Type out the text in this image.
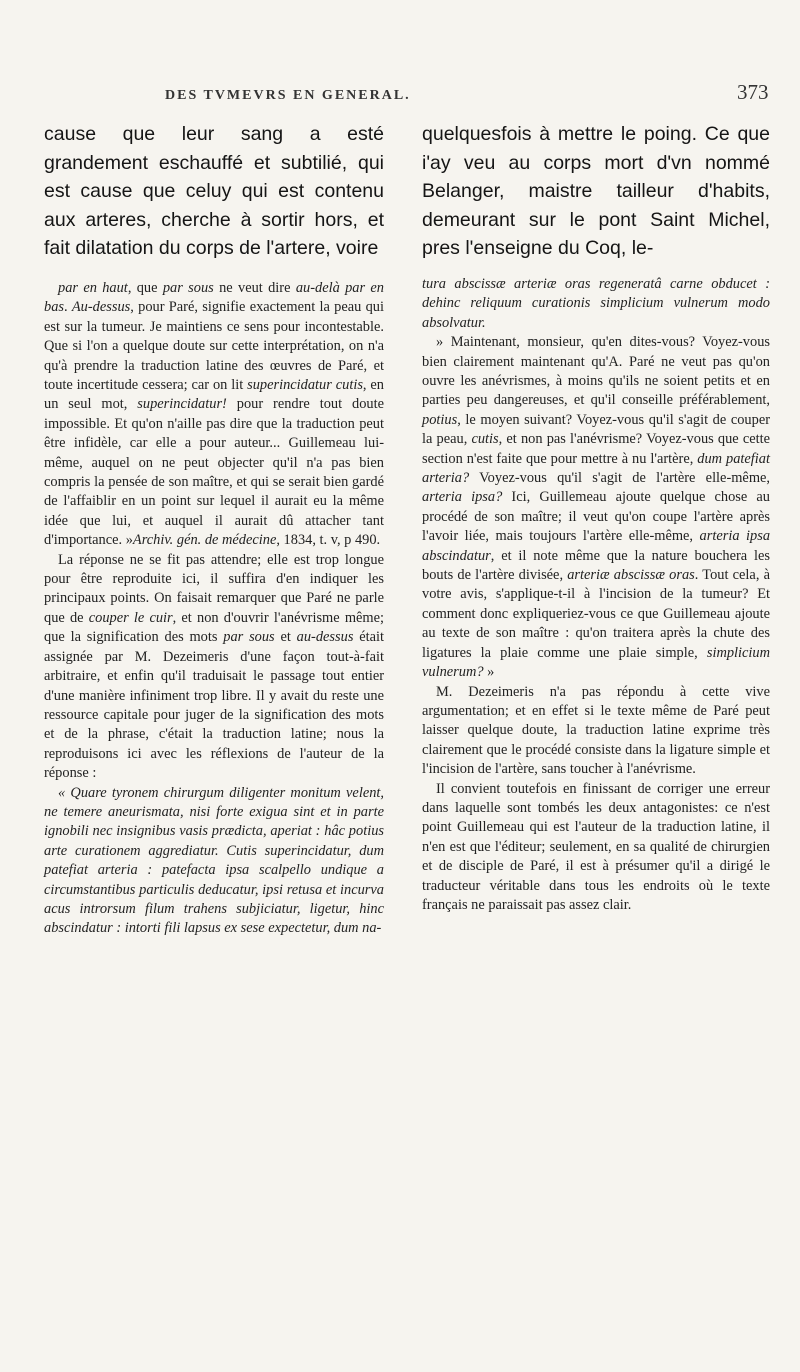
DES TVMEVRS EN GENERAL.	373

cause que leur sang a esté grandement eschauffé et subtilié, qui est cause que celuy qui est contenu aux arteres, cherche à sortir hors, et fait dilatation du corps de l'artere, voire

par en haut, que par sous ne veut dire au-delà par en bas. Au-dessus, pour Paré, signifie exactement la peau qui est sur la tumeur. Je maintiens ce sens pour incontestable. Que si l'on a quelque doute sur cette interprétation, on n'a qu'à prendre la traduction latine des œuvres de Paré, et toute incertitude cessera; car on lit superincidatur cutis, en un seul mot, superincidatur! pour rendre tout doute impossible. Et qu'on n'aille pas dire que la traduction peut être infidèle, car elle a pour auteur... Guillemeau lui-même, auquel on ne peut objecter qu'il n'a pas bien compris la pensée de son maître, et qui se serait bien gardé de l'affaiblir en un point sur lequel il aurait eu la même idée que lui, et auquel il aurait dû attacher tant d'importance. »Archiv. gén. de médecine, 1834, t. v, p 490.

La réponse ne se fit pas attendre; elle est trop longue pour être reproduite ici, il suffira d'en indiquer les principaux points. On faisait remarquer que Paré ne parle que de couper le cuir, et non d'ouvrir l'anévrisme même; que la signification des mots par sous et au-dessus était assignée par M. Dezeimeris d'une façon tout-à-fait arbitraire, et enfin qu'il traduisait le passage tout entier d'une manière infiniment trop libre. Il y avait du reste une ressource capitale pour juger de la signification des mots et de la phrase, c'était la traduction latine; nous la reproduisons ici avec les réflexions de l'auteur de la réponse :

« Quare tyronem chirurgum diligenter monitum velent, ne temere aneurismata, nisi forte exigua sint et in parte ignobili nec insignibus vasis prædicta, aperiat : hâc potius arte curationem aggrediatur. Cutis superincidatur, dum patefiat arteria : patefacta ipsa scalpello undique a circumstantibus particulis deducatur, ipsi retusa et incurva acus introrsum filum trahens subjiciatur, ligetur, hinc abscindatur : intorti fili lapsus ex sese expectetur, dum na-

quelquesfois à mettre le poing. Ce que i'ay veu au corps mort d'vn nommé Belanger, maistre tailleur d'habits, demeurant sur le pont Saint Michel, pres l'enseigne du Coq, le-

tura abscissæ arteriæ oras regeneratâ carne obducet : dehinc reliquum curationis simplicium vulnerum modo absolvatur.

» Maintenant, monsieur, qu'en dites-vous? Voyez-vous bien clairement maintenant qu'A. Paré ne veut pas qu'on ouvre les anévrismes, à moins qu'ils ne soient petits et en parties peu dangereuses, et qu'il conseille préférablement, potius, le moyen suivant? Voyez-vous qu'il s'agit de couper la peau, cutis, et non pas l'anévrisme? Voyez-vous que cette section n'est faite que pour mettre à nu l'artère, dum patefiat arteria? Voyez-vous qu'il s'agit de l'artère elle-même, arteria ipsa? Ici, Guillemeau ajoute quelque chose au procédé de son maître; il veut qu'on coupe l'artère après l'avoir liée, mais toujours l'artère elle-même, arteria ipsa abscindatur, et il note même que la nature bouchera les bouts de l'artère divisée, arteriæ abscissæ oras. Tout cela, à votre avis, s'applique-t-il à l'incision de la tumeur? Et comment donc expliqueriez-vous ce que Guillemeau ajoute au texte de son maître : qu'on traitera après la chute des ligatures la plaie comme une plaie simple, simplicium vulnerum? »

M. Dezeimeris n'a pas répondu à cette vive argumentation; et en effet si le texte même de Paré peut laisser quelque doute, la traduction latine exprime très clairement que le procédé consiste dans la ligature simple et l'incision de l'artère, sans toucher à l'anévrisme.

Il convient toutefois en finissant de corriger une erreur dans laquelle sont tombés les deux antagonistes: ce n'est point Guillemeau qui est l'auteur de la traduction latine, il n'en est que l'éditeur; seulement, en sa qualité de chirurgien et de disciple de Paré, il est à présumer qu'il a dirigé le traducteur véritable dans tous les endroits où le texte français ne paraissait pas assez clair.
